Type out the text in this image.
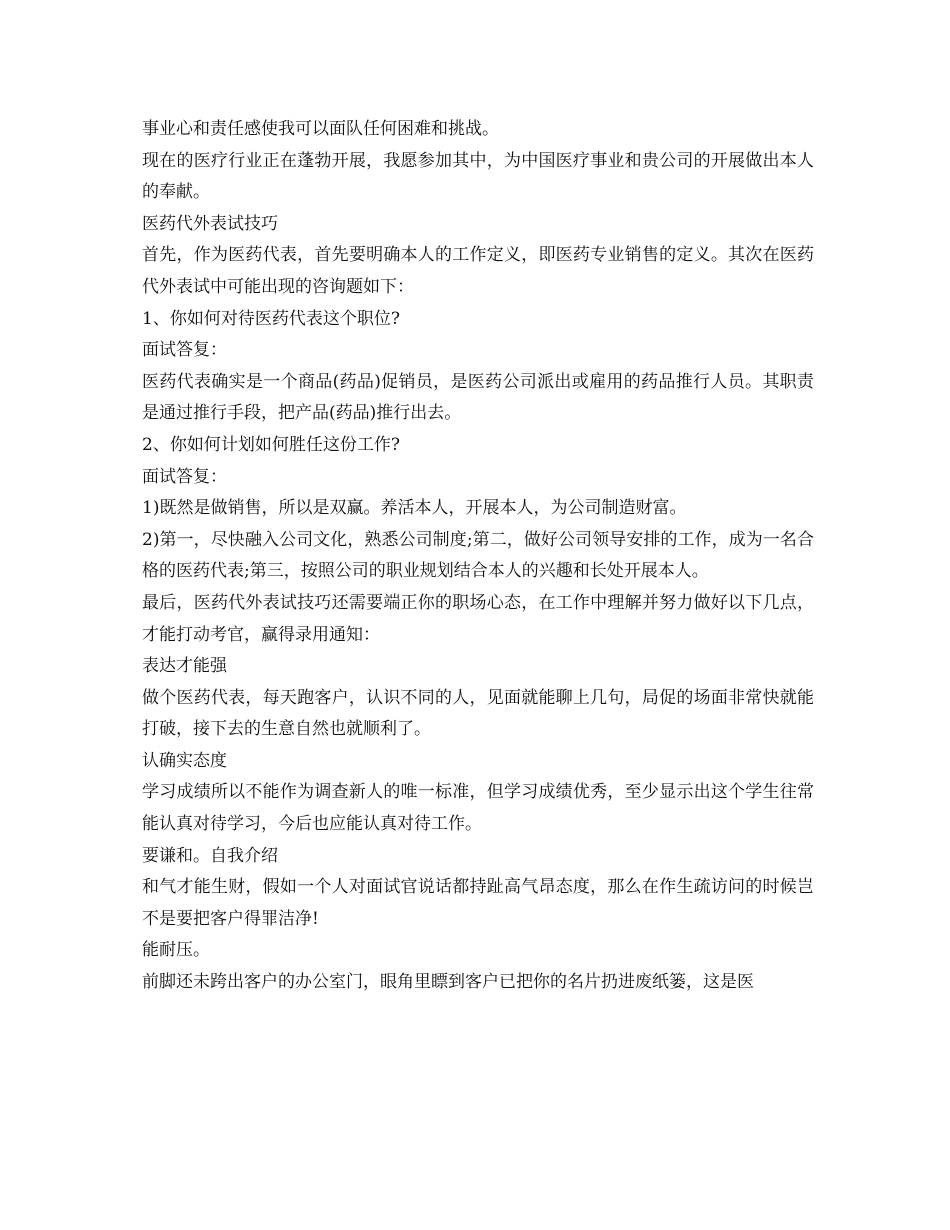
事业心和责任感使我可以面队任何困难和挑战。

现在的医疗行业正在蓬勃开展，我愿参加其中，为中国医疗事业和贵公司的开展做出本人的奉献。

医药代外表试技巧

首先，作为医药代表，首先要明确本人的工作定义，即医药专业销售的定义。其次在医药代外表试中可能出现的咨询题如下：

1、你如何对待医药代表这个职位?

面试答复：

医药代表确实是一个商品(药品)促销员，是医药公司派出或雇用的药品推行人员。其职责是通过推行手段，把产品(药品)推行出去。

2、你如何计划如何胜任这份工作?

面试答复：

1)既然是做销售，所以是双赢。养活本人，开展本人，为公司制造财富。

2)第一，尽快融入公司文化，熟悉公司制度;第二，做好公司领导安排的工作，成为一名合格的医药代表;第三，按照公司的职业规划结合本人的兴趣和长处开展本人。

最后，医药代外表试技巧还需要端正你的职场心态，在工作中理解并努力做好以下几点，才能打动考官，赢得录用通知：

表达才能强

做个医药代表，每天跑客户，认识不同的人，见面就能聊上几句，局促的场面非常快就能打破，接下去的生意自然也就顺利了。

认确实态度

学习成绩所以不能作为调查新人的唯一标准，但学习成绩优秀，至少显示出这个学生往常能认真对待学习，今后也应能认真对待工作。

要谦和。自我介绍

和气才能生财，假如一个人对面试官说话都持趾高气昂态度，那么在作生疏访问的时候岂不是要把客户得罪洁净!

能耐压。

前脚还未跨出客户的办公室门，眼角里瞟到客户已把你的名片扔进废纸篓，这是医
